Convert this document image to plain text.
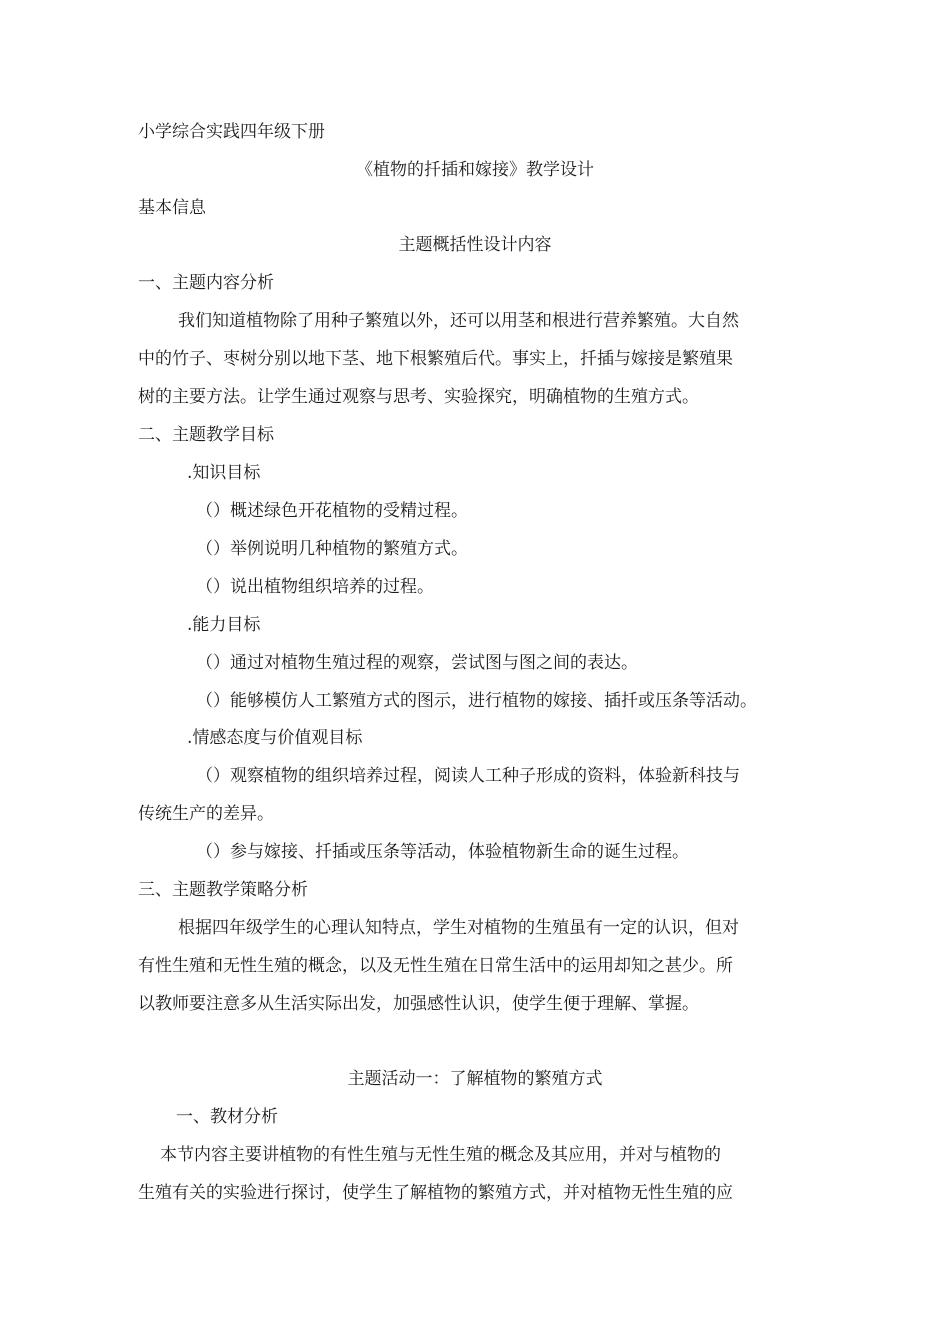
小学综合实践四年级下册
《植物的扦插和嫁接》教学设计
基本信息
主题概括性设计内容
一、主题内容分析
我们知道植物除了用种子繁殖以外，还可以用茎和根进行营养繁殖。大自然
中的竹子、枣树分别以地下茎、地下根繁殖后代。事实上，扦插与嫁接是繁殖果
树的主要方法。让学生通过观察与思考、实验探究，明确植物的生殖方式。
二、主题教学目标
.知识目标
（）概述绿色开花植物的受精过程。
（）举例说明几种植物的繁殖方式。
（）说出植物组织培养的过程。
.能力目标
（）通过对植物生殖过程的观察，尝试图与图之间的表达。
（）能够模仿人工繁殖方式的图示，进行植物的嫁接、插扦或压条等活动。
.情感态度与价值观目标
（）观察植物的组织培养过程，阅读人工种子形成的资料，体验新科技与
传统生产的差异。
（）参与嫁接、扦插或压条等活动，体验植物新生命的诞生过程。
三、主题教学策略分析
根据四年级学生的心理认知特点，学生对植物的生殖虽有一定的认识，但对
有性生殖和无性生殖的概念，以及无性生殖在日常生活中的运用却知之甚少。所
以教师要注意多从生活实际出发，加强感性认识，使学生便于理解、掌握。
主题活动一：了解植物的繁殖方式
一、教材分析
本节内容主要讲植物的有性生殖与无性生殖的概念及其应用，并对与植物的
生殖有关的实验进行探讨，使学生了解植物的繁殖方式，并对植物无性生殖的应
